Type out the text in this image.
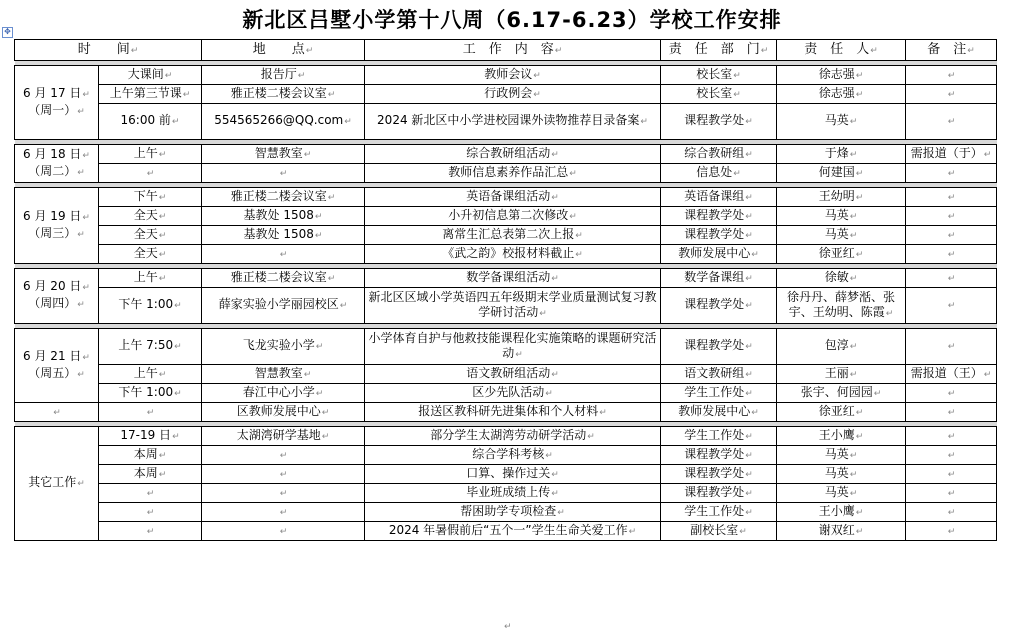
新北区吕墅小学第十八周（6.17-6.23）学校工作安排
✥
时　　间↵		地　　点↵	工　作　内　容↵	责　任　部　门↵	责　任　人↵	备　注↵

6 月 17 日↵
（周一）↵	大课间↵	报告厅↵	教师会议↵	校长室↵	徐志强↵	↵
	上午第三节课↵	雅正楼二楼会议室↵	行政例会↵	校长室↵	徐志强↵	↵
	16:00 前↵	554565266@QQ.com↵	2024 新北区中小学进校园课外读物推荐目录备案↵	课程教学处↵	马英↵	↵

6 月 18 日↵
（周二）↵	上午↵	智慧教室↵	综合教研组活动↵	综合教研组↵	于烽↵	需报道（于）↵
	↵	↵	教师信息素养作品汇总↵	信息处↵	何建国↵	↵

6 月 19 日↵
（周三）↵	下午↵	雅正楼二楼会议室↵	英语备课组活动↵	英语备课组↵	王幼明↵	↵
	全天↵	基教处 1508↵	小升初信息第二次修改↵	课程教学处↵	马英↵	↵
	全天↵	基教处 1508↵	离常生汇总表第二次上报↵	课程教学处↵	马英↵	↵
	全天↵	↵	《武之韵》校报材料截止↵	教师发展中心↵	徐亚红↵	↵

6 月 20 日↵
（周四）↵	上午↵	雅正楼二楼会议室↵	数学备课组活动↵	数学备课组↵	徐敏↵	↵
	下午 1:00↵	薛家实验小学丽园校区↵	新北区区域小学英语四五年级期末学业质量测试复习教学研讨活动↵	课程教学处↵	徐丹丹、薛梦湉、张宇、王幼明、陈霞↵	↵

6 月 21 日↵
（周五）↵	上午 7:50↵	飞龙实验小学↵	小学体育自护与他救技能课程化实施策略的课题研究活动↵	课程教学处↵	包淳↵	↵
	上午↵	智慧教室↵	语文教研组活动↵	语文教研组↵	王丽↵	需报道（王）↵
	下午 1:00↵	春江中心小学↵	区少先队活动↵	学生工作处↵	张宇、何园园↵	↵
↵	↵	区教师发展中心↵	报送区教科研先进集体和个人材料↵	教师发展中心↵	徐亚红↵	↵

其它工作↵	17-19 日↵	太湖湾研学基地↵	部分学生太湖湾劳动研学活动↵	学生工作处↵	王小鹰↵	↵
	本周↵	↵	综合学科考核↵	课程教学处↵	马英↵	↵
	本周↵	↵	口算、操作过关↵	课程教学处↵	马英↵	↵
	↵	↵	毕业班成绩上传↵	课程教学处↵	马英↵	↵
	↵	↵	帮困助学专项检查↵	学生工作处↵	王小鹰↵	↵
	↵	↵	2024 年暑假前后“五个一”学生生命关爱工作↵	副校长室↵	谢双红↵	↵
↵
